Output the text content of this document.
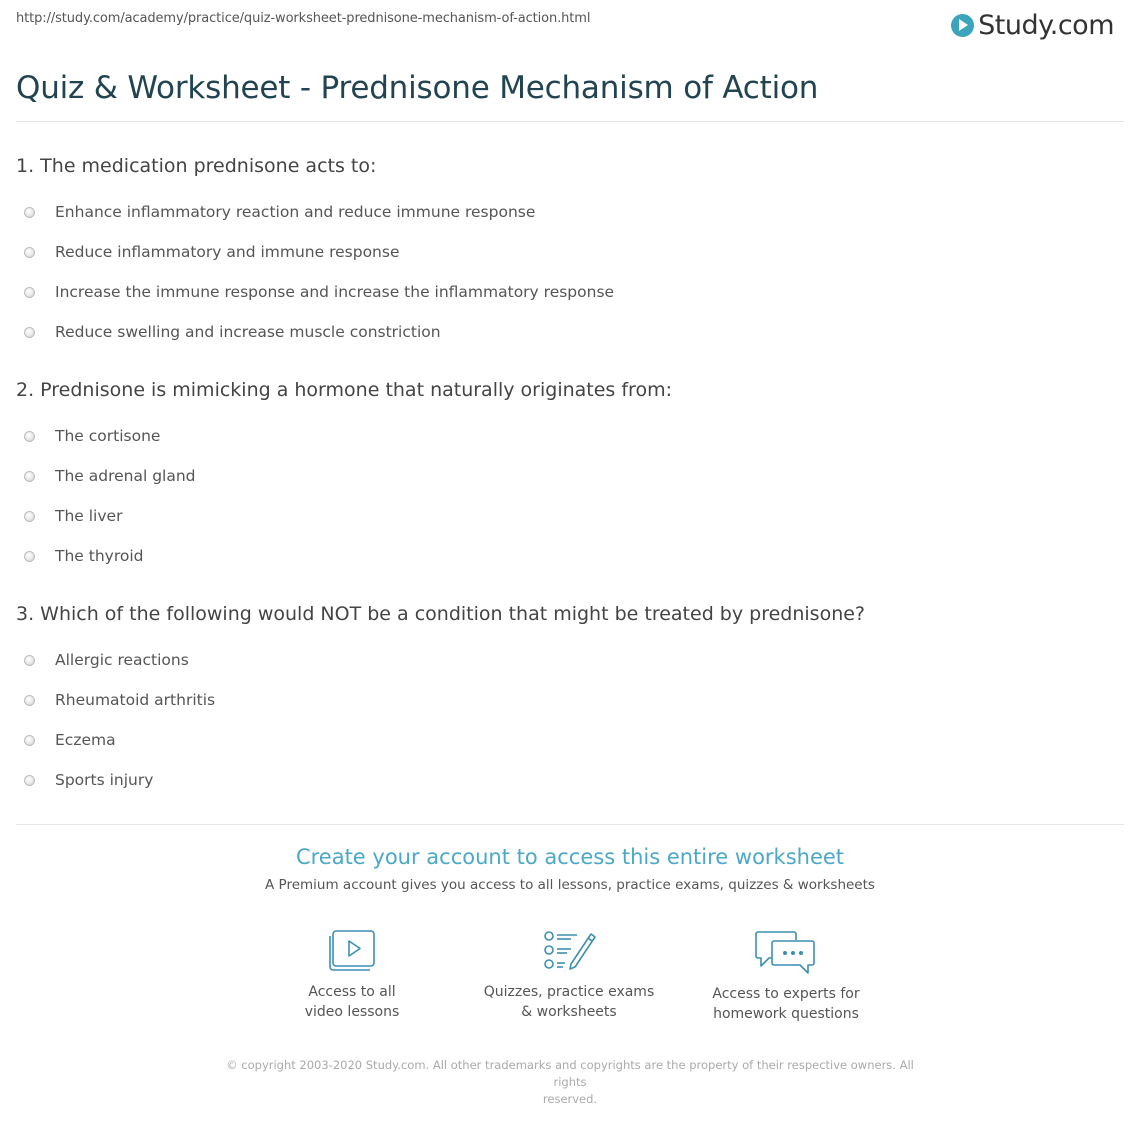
http://study.com/academy/practice/quiz-worksheet-prednisone-mechanism-of-action.html	Study.com
Quiz & Worksheet - Prednisone Mechanism of Action
1. The medication prednisone acts to:
Enhance inflammatory reaction and reduce immune response
Reduce inflammatory and immune response
Increase the immune response and increase the inflammatory response
Reduce swelling and increase muscle constriction
2. Prednisone is mimicking a hormone that naturally originates from:
The cortisone
The adrenal gland
The liver
The thyroid
3. Which of the following would NOT be a condition that might be treated by prednisone?
Allergic reactions
Rheumatoid arthritis
Eczema
Sports injury
Create your account to access this entire worksheet
A Premium account gives you access to all lessons, practice exams, quizzes & worksheets
Access to all
video lessons
Quizzes, practice exams
& worksheets
Access to experts for
homework questions
© copyright 2003-2020 Study.com. All other trademarks and copyrights are the property of their respective owners. All rights
reserved.
